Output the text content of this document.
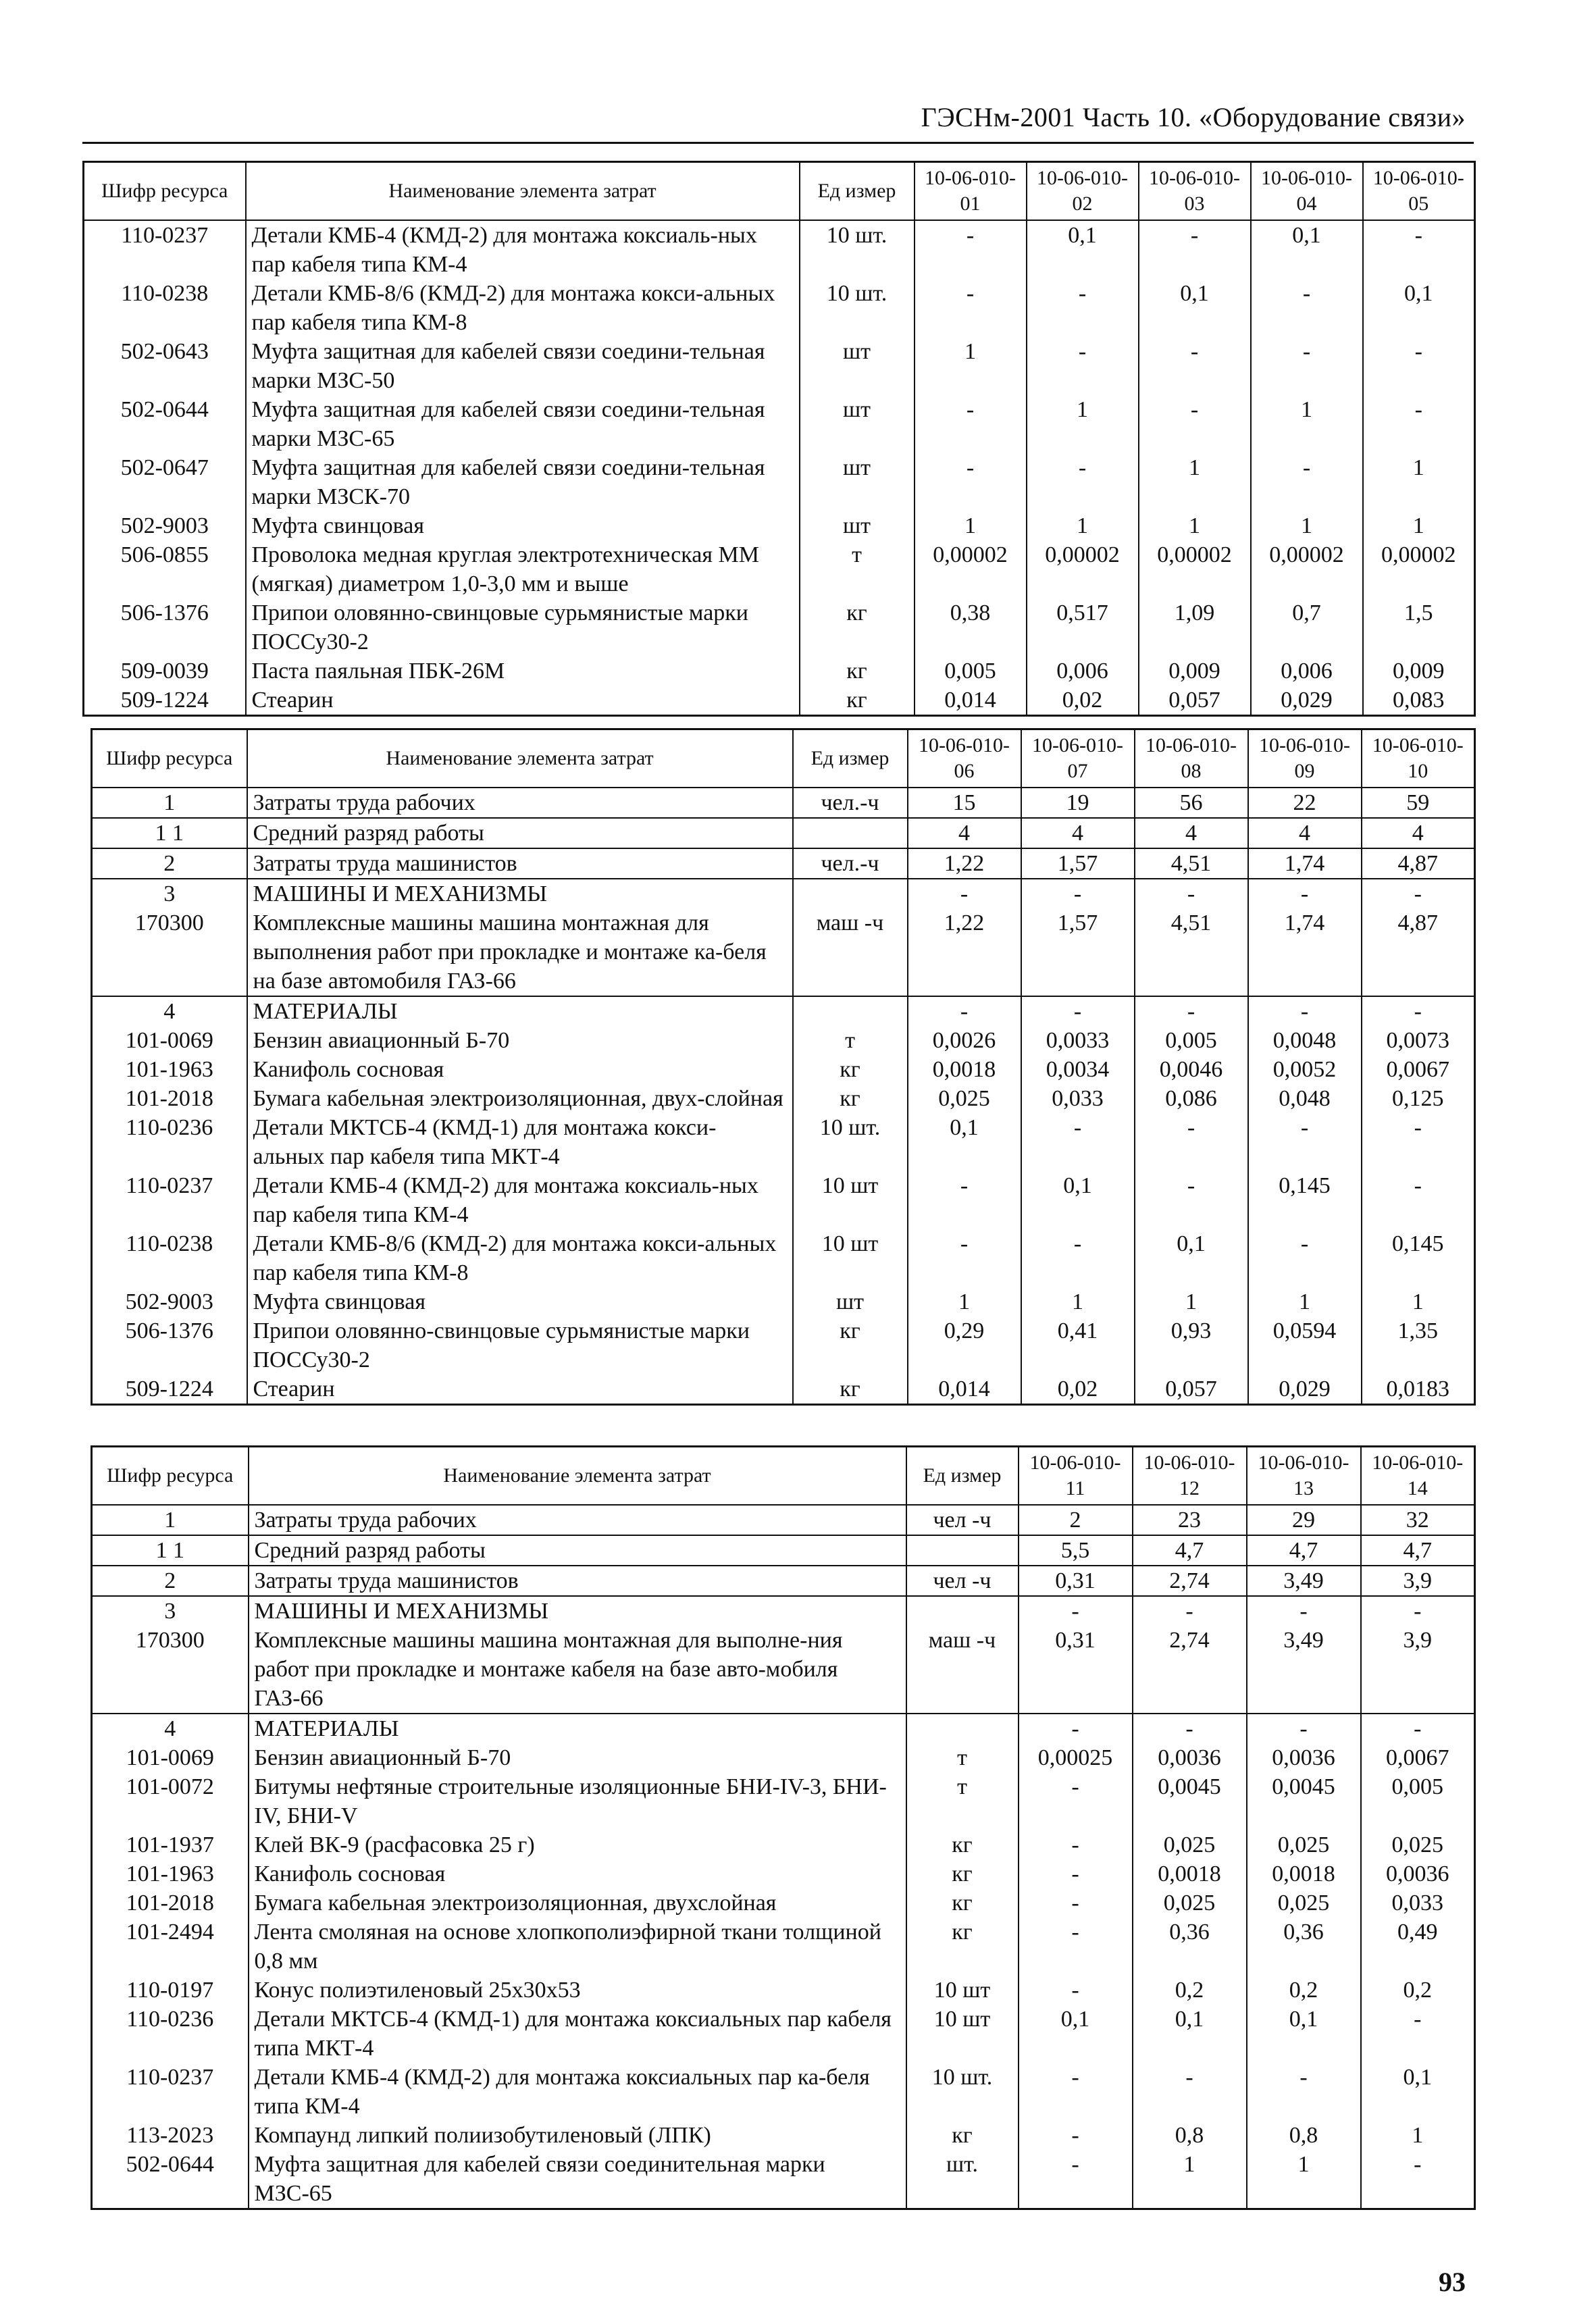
ГЭСНм-2001 Часть 10. «Оборудование связи»
Шифр ресурса	Наименование элемента затрат	Ед измер	10-06-010-01	10-06-010-02	10-06-010-03	10-06-010-04	10-06-010-05
110-0237	Детали КМБ-4 (КМД-2) для монтажа коксиаль-ных пар кабеля типа КМ-4	10 шт.	-	0,1	-	0,1	-
110-0238	Детали КМБ-8/6 (КМД-2) для монтажа кокси-альных пар кабеля типа КМ-8	10 шт.	-	-	0,1	-	0,1
502-0643	Муфта защитная для кабелей связи соедини-тельная марки МЗС-50	шт	1	-	-	-	-
502-0644	Муфта защитная для кабелей связи соедини-тельная марки МЗС-65	шт	-	1	-	1	-
502-0647	Муфта защитная для кабелей связи соедини-тельная марки МЗСК-70	шт	-	-	1	-	1
502-9003	Муфта свинцовая	шт	1	1	1	1	1
506-0855	Проволока медная круглая электротехническая ММ (мягкая) диаметром 1,0-3,0 мм и выше	т	0,00002	0,00002	0,00002	0,00002	0,00002
506-1376	Припои оловянно-свинцовые сурьмянистые марки ПОССу30-2	кг	0,38	0,517	1,09	0,7	1,5
509-0039	Паста паяльная ПБК-26М	кг	0,005	0,006	0,009	0,006	0,009
509-1224	Стеарин	кг	0,014	0,02	0,057	0,029	0,083
Шифр ресурса	Наименование элемента затрат	Ед измер	10-06-010-06	10-06-010-07	10-06-010-08	10-06-010-09	10-06-010-10
1	Затраты труда рабочих	чел.-ч	15	19	56	22	59
1 1	Средний разряд работы		4	4	4	4	4
2	Затраты труда машинистов	чел.-ч	1,22	1,57	4,51	1,74	4,87
3	МАШИНЫ И МЕХАНИЗМЫ		-	-	-	-	-
170300	Комплексные машины машина монтажная для выполнения работ при прокладке и монтаже ка-беля на базе автомобиля ГАЗ-66	маш -ч	1,22	1,57	4,51	1,74	4,87
4	МАТЕРИАЛЫ		-	-	-	-	-
101-0069	Бензин авиационный Б-70	т	0,0026	0,0033	0,005	0,0048	0,0073
101-1963	Канифоль сосновая	кг	0,0018	0,0034	0,0046	0,0052	0,0067
101-2018	Бумага кабельная электроизоляционная, двух-слойная	кг	0,025	0,033	0,086	0,048	0,125
110-0236	Детали МКТСБ-4 (КМД-1) для монтажа кокси-альных пар кабеля типа МКТ-4	10 шт.	0,1	-	-	-	-
110-0237	Детали КМБ-4 (КМД-2) для монтажа коксиаль-ных пар кабеля типа КМ-4	10 шт	-	0,1	-	0,145	-
110-0238	Детали КМБ-8/6 (КМД-2) для монтажа кокси-альных пар кабеля типа КМ-8	10 шт	-	-	0,1	-	0,145
502-9003	Муфта свинцовая	шт	1	1	1	1	1
506-1376	Припои оловянно-свинцовые сурьмянистые марки ПОССу30-2	кг	0,29	0,41	0,93	0,0594	1,35
509-1224	Стеарин	кг	0,014	0,02	0,057	0,029	0,0183
Шифр ресурса	Наименование элемента затрат	Ед измер	10-06-010-11	10-06-010-12	10-06-010-13	10-06-010-14
1	Затраты труда рабочих	чел -ч	2	23	29	32
1 1	Средний разряд работы		5,5	4,7	4,7	4,7
2	Затраты труда машинистов	чел -ч	0,31	2,74	3,49	3,9
3	МАШИНЫ И МЕХАНИЗМЫ		-	-	-	-
170300	Комплексные машины машина монтажная для выполне-ния работ при прокладке и монтаже кабеля на базе авто-мобиля ГАЗ-66	маш -ч	0,31	2,74	3,49	3,9
4	МАТЕРИАЛЫ		-	-	-	-
101-0069	Бензин авиационный Б-70	т	0,00025	0,0036	0,0036	0,0067
101-0072	Битумы нефтяные строительные изоляционные БНИ-IV-3, БНИ-IV, БНИ-V	т	-	0,0045	0,0045	0,005
101-1937	Клей ВК-9 (расфасовка 25 г)	кг	-	0,025	0,025	0,025
101-1963	Канифоль сосновая	кг	-	0,0018	0,0018	0,0036
101-2018	Бумага кабельная электроизоляционная, двухслойная	кг	-	0,025	0,025	0,033
101-2494	Лента смоляная на основе хлопкополиэфирной ткани толщиной 0,8 мм	кг	-	0,36	0,36	0,49
110-0197	Конус полиэтиленовый 25х30х53	10 шт	-	0,2	0,2	0,2
110-0236	Детали МКТСБ-4 (КМД-1) для монтажа коксиальных пар кабеля типа МКТ-4	10 шт	0,1	0,1	0,1	-
110-0237	Детали КМБ-4 (КМД-2) для монтажа коксиальных пар ка-беля типа КМ-4	10 шт.	-	-	-	0,1
113-2023	Компаунд липкий полиизобутиленовый (ЛПК)	кг	-	0,8	0,8	1
502-0644	Муфта защитная для кабелей связи соединительная марки МЗС-65	шт.	-	1	1	-
93
